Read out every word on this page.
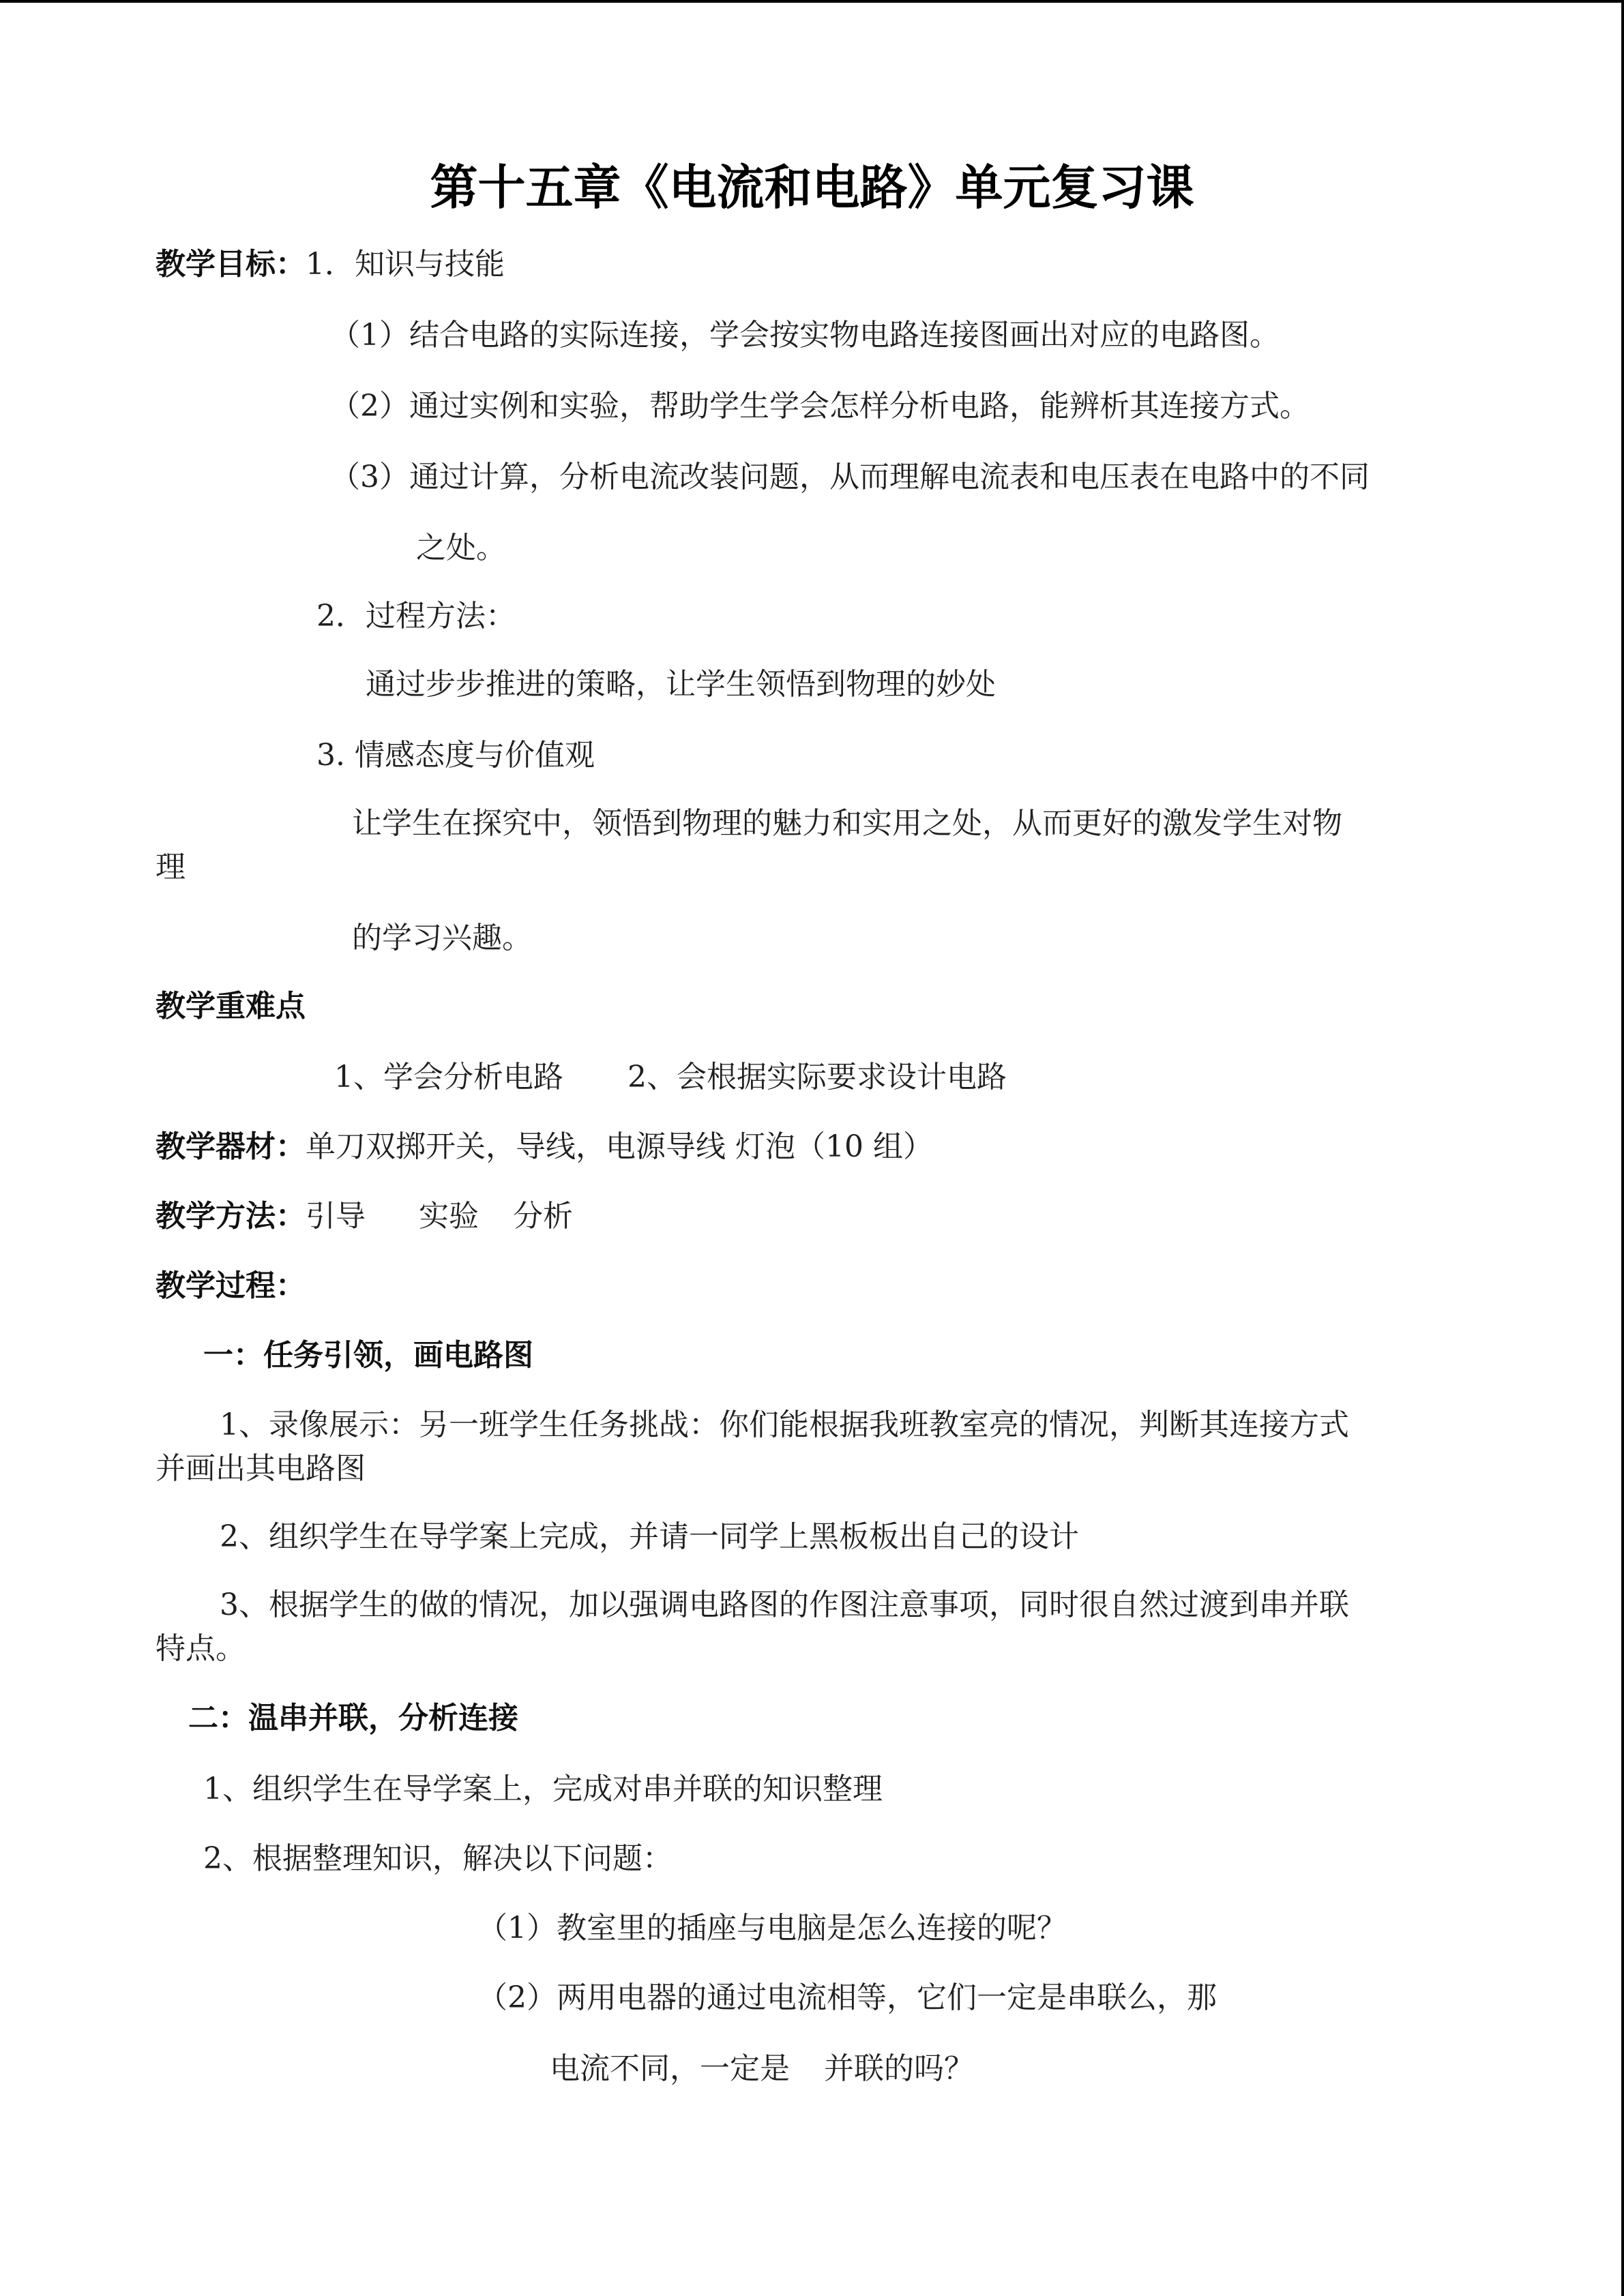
第十五章《电流和电路》单元复习课
教学目标：1．知识与技能
（1）结合电路的实际连接，学会按实物电路连接图画出对应的电路图。
（2）通过实例和实验，帮助学生学会怎样分析电路，能辨析其连接方式。
（3）通过计算，分析电流改装问题，从而理解电流表和电压表在电路中的不同
之处。
2．过程方法：
通过步步推进的策略，让学生领悟到物理的妙处
3. 情感态度与价值观
让学生在探究中，领悟到物理的魅力和实用之处，从而更好的激发学生对物
理
的学习兴趣。
教学重难点
1、学会分析电路 2、会根据实际要求设计电路
教学器材：单刀双掷开关，导线，电源导线 灯泡（10 组）
教学方法：引导 实验 分析
教学过程：
一：任务引领，画电路图
1、录像展示：另一班学生任务挑战：你们能根据我班教室亮的情况，判断其连接方式
并画出其电路图
2、组织学生在导学案上完成，并请一同学上黑板板出自己的设计
3、根据学生的做的情况，加以强调电路图的作图注意事项，同时很自然过渡到串并联
特点。
二：温串并联，分析连接
1、组织学生在导学案上，完成对串并联的知识整理
2、根据整理知识，解决以下问题：
（1）教室里的插座与电脑是怎么连接的呢？
（2）两用电器的通过电流相等，它们一定是串联么，那
电流不同，一定是 并联的吗？
